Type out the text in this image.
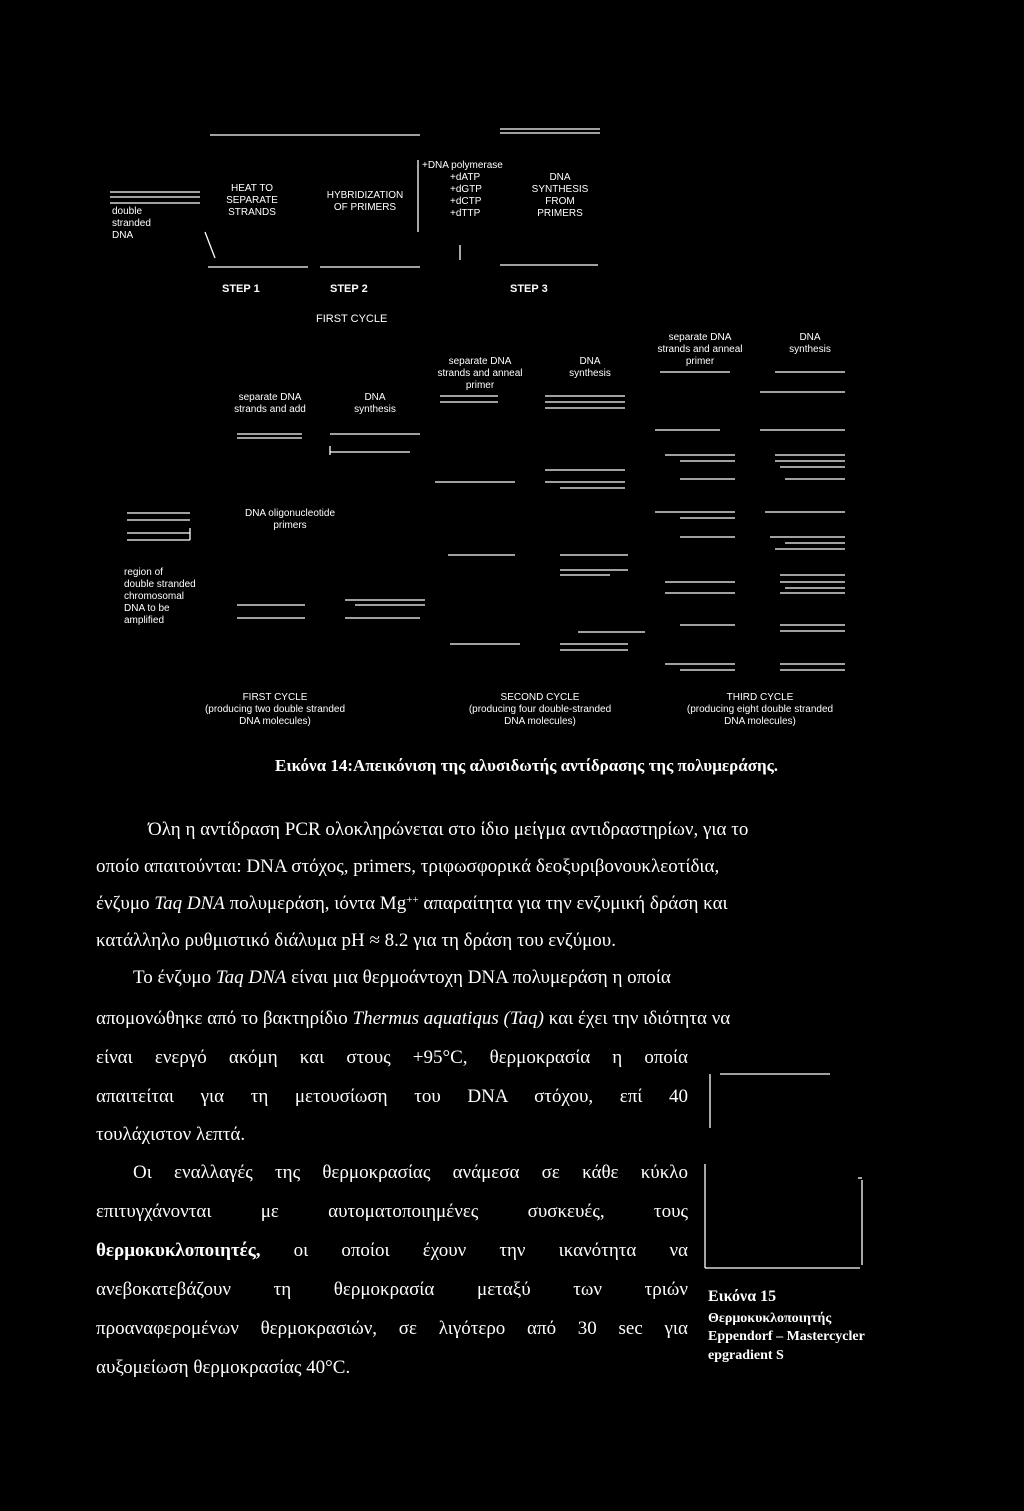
double stranded DNA
HEAT TO
SEPARATE
STRANDS
HYBRIDIZATION
OF PRIMERS
+DNA polymerase
+dATP
+dGTP
+dCTP
+dTTP
DNA
SYNTHESIS
FROM
PRIMERS
STEP 1	STEP 2	STEP 3
FIRST CYCLE
separate DNA
strands and add
DNA
synthesis
separate DNA
strands and anneal
primer
DNA
synthesis
separate DNA
strands and anneal
primer
DNA
synthesis
DNA oligonucleotide
primers
region of
double stranded
chromosomal
DNA to be
amplified
FIRST CYCLE
(producing two double stranded
DNA molecules)
SECOND CYCLE
(producing four double-stranded
DNA molecules)
THIRD CYCLE
(producing eight double stranded
DNA molecules)
Εικόνα 14:Απεικόνιση της αλυσιδωτής αντίδρασης της πολυμεράσης.
Όλη η αντίδραση PCR ολοκληρώνεται στο ίδιο μείγμα αντιδραστηρίων, για το
οποίο απαιτούνται: DNA στόχος, primers, τριφωσφορικά δεοξυριβονουκλεοτίδια,
ένζυμο Taq DNA πολυμεράση, ιόντα Mg++ απαραίτητα για την ενζυμική δράση και
κατάλληλο ρυθμιστικό διάλυμα pH ≈ 8.2 για τη δράση του ενζύμου.
Το ένζυμο Taq DNA είναι μια θερμοάντοχη DNA πολυμεράση η οποία
απομονώθηκε από το βακτηρίδιο Thermus aquatiqus (Taq) και έχει την ιδιότητα να
είναι ενεργό ακόμη και στους +95°C, θερμοκρασία η οποία
απαιτείται για τη μετουσίωση του DNA στόχου, επί 40
τουλάχιστον λεπτά.
Οι εναλλαγές της θερμοκρασίας ανάμεσα σε κάθε κύκλο
επιτυγχάνονται με αυτοματοποιημένες συσκευές, τους
θερμοκυκλοποιητές, οι οποίοι έχουν την ικανότητα να
ανεβοκατεβάζουν τη θερμοκρασία μεταξύ των τριών
προαναφερομένων θερμοκρασιών, σε λιγότερο από 30 sec για
αυξομείωση θερμοκρασίας 40°C.
Εικόνα 15
Θερμοκυκλοποιητής
Eppendorf – Mastercycler
epgradient S
